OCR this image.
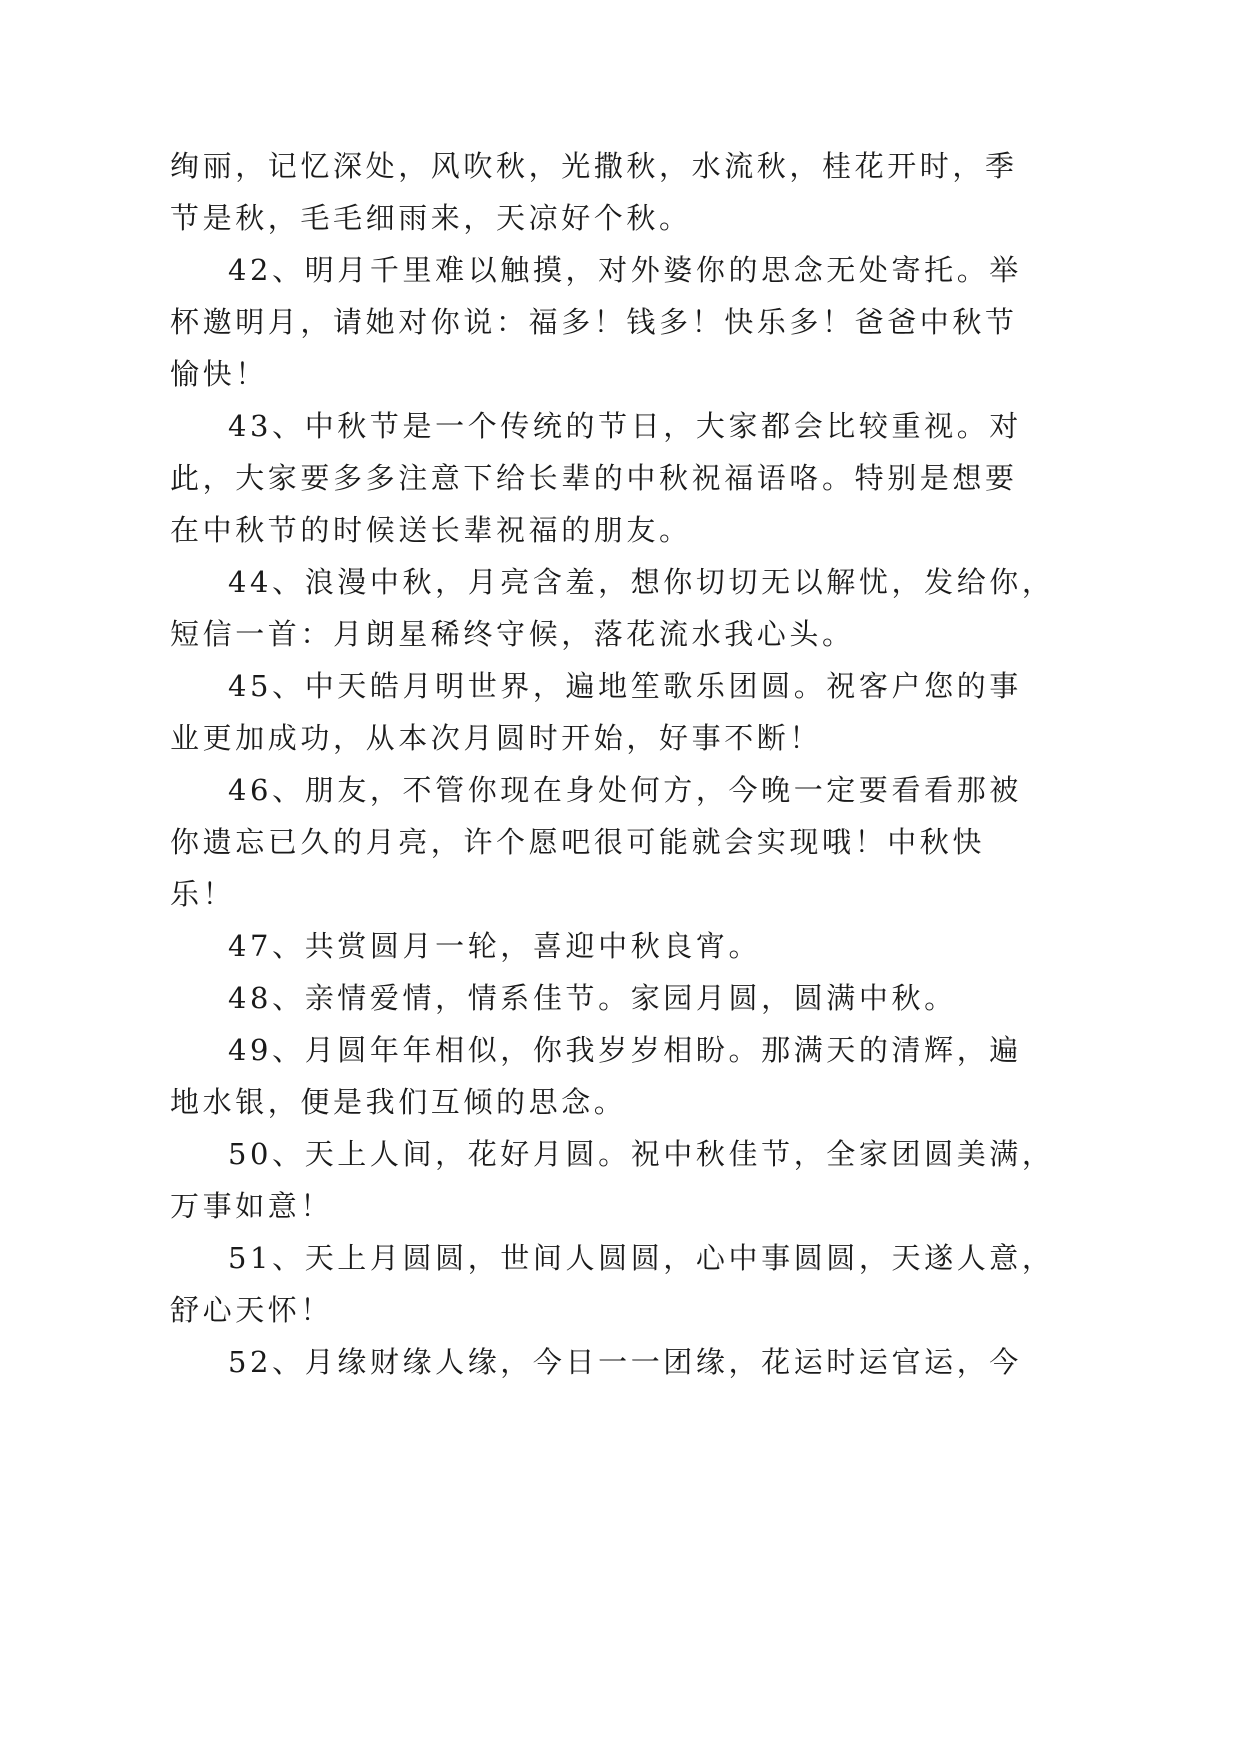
绚丽，记忆深处，风吹秋，光撒秋，水流秋，桂花开时，季
节是秋，毛毛细雨来，天凉好个秋。
42、明月千里难以触摸，对外婆你的思念无处寄托。举
杯邀明月，请她对你说：福多！钱多！快乐多！爸爸中秋节
愉快！
43、中秋节是一个传统的节日，大家都会比较重视。对
此，大家要多多注意下给长辈的中秋祝福语咯。特别是想要
在中秋节的时候送长辈祝福的朋友。
44、浪漫中秋，月亮含羞，想你切切无以解忧，发给你，
短信一首：月朗星稀终守候，落花流水我心头。
45、中天皓月明世界，遍地笙歌乐团圆。祝客户您的事
业更加成功，从本次月圆时开始，好事不断！
46、朋友，不管你现在身处何方，今晚一定要看看那被
你遗忘已久的月亮，许个愿吧很可能就会实现哦！中秋快
乐！
47、共赏圆月一轮，喜迎中秋良宵。
48、亲情爱情，情系佳节。家园月圆，圆满中秋。
49、月圆年年相似，你我岁岁相盼。那满天的清辉，遍
地水银，便是我们互倾的思念。
50、天上人间，花好月圆。祝中秋佳节，全家团圆美满，
万事如意！
51、天上月圆圆，世间人圆圆，心中事圆圆，天遂人意，
舒心天怀！
52、月缘财缘人缘，今日一一团缘，花运时运官运，今
